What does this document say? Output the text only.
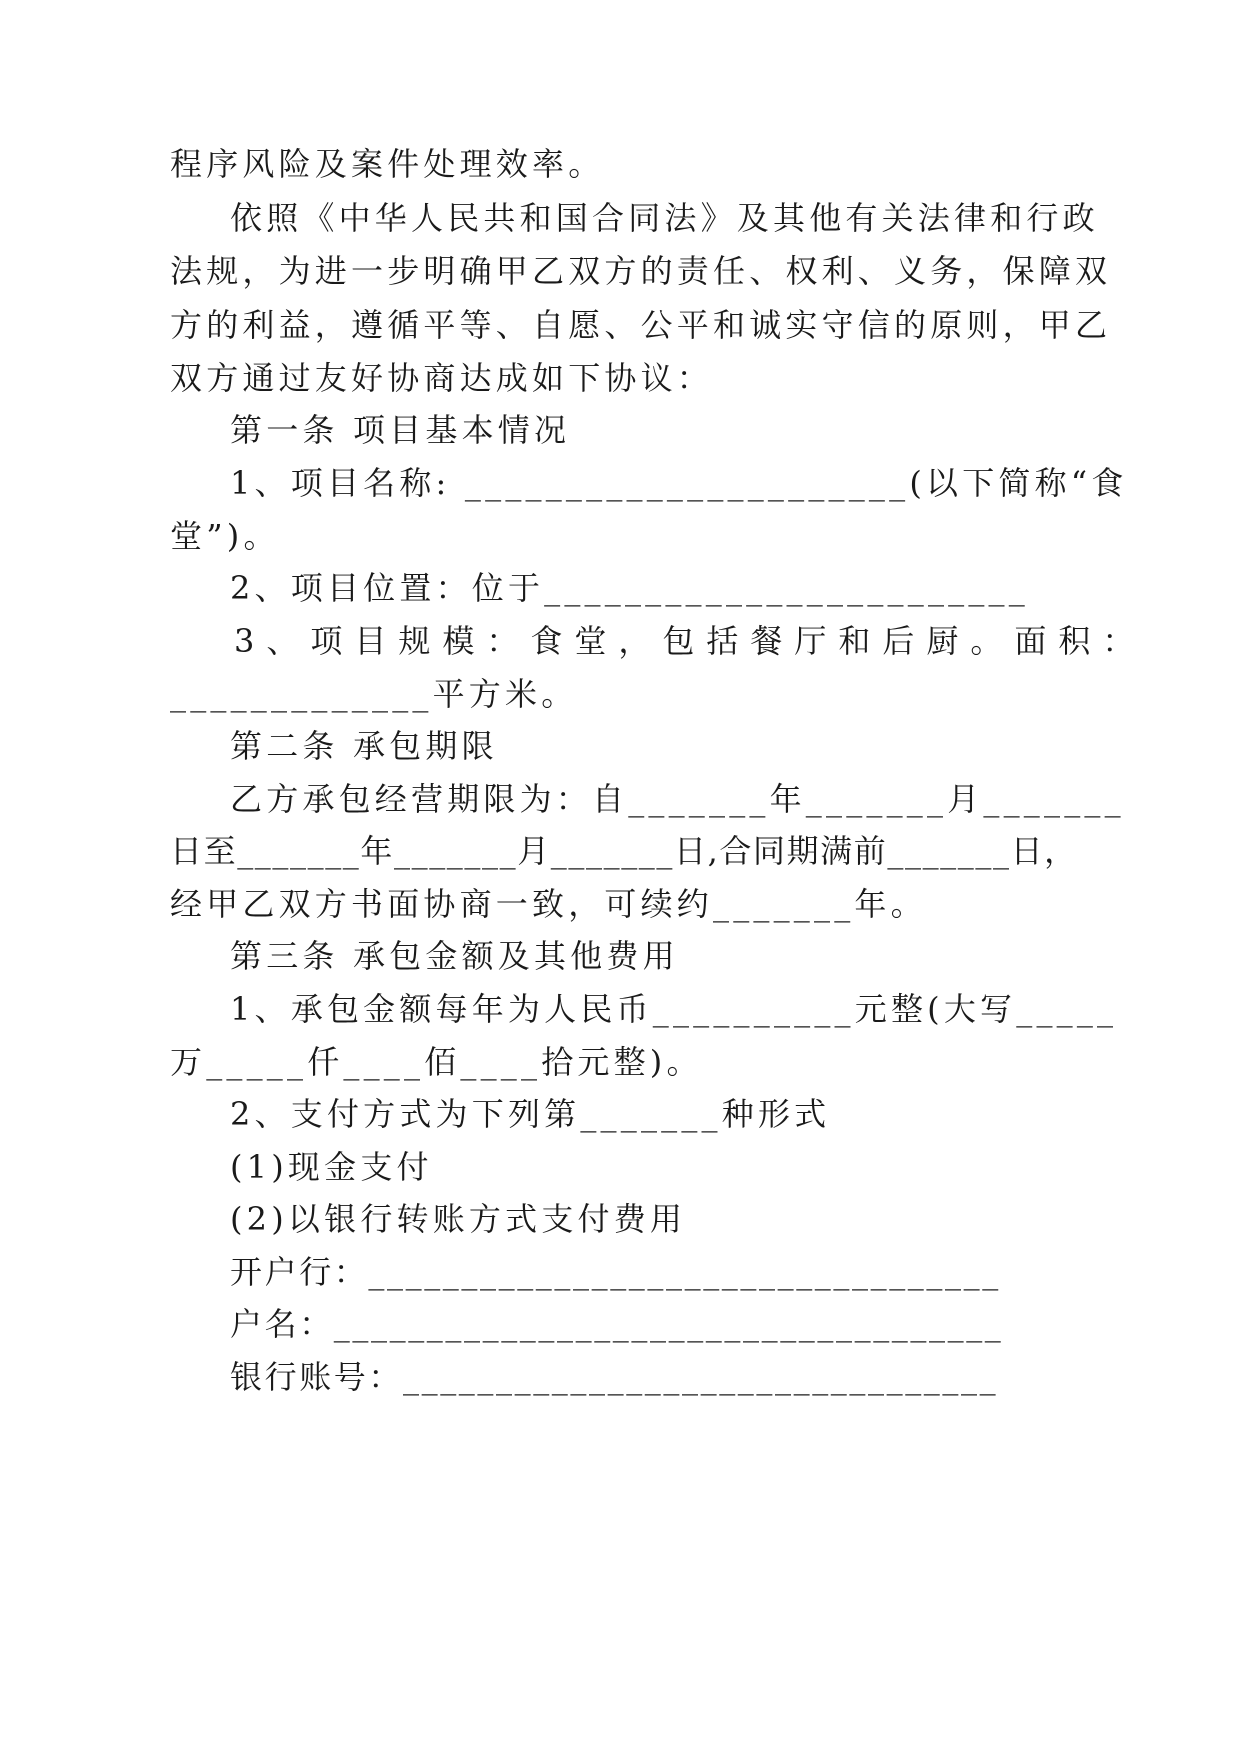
程序风险及案件处理效率。
依照《中华人民共和国合同法》及其他有关法律和行政
法规，为进一步明确甲乙双方的责任、权利、义务，保障双
方的利益，遵循平等、自愿、公平和诚实守信的原则，甲乙
双方通过友好协商达成如下协议：
第一条 项目基本情况
1、项目名称: ______________________(以下简称“食
堂”)。
2、项目位置：位于________________________
3、项目规模：食堂，包括餐厅和后厨。面积：
_____________平方米。
第二条 承包期限
乙方承包经营期限为：自_______年_______月_______
日至_______年_______月_______日,合同期满前_______日，
经甲乙双方书面协商一致，可续约_______年。
第三条 承包金额及其他费用
1、承包金额每年为人民币__________元整(大写_____
万_____仟____佰____拾元整)。
2、支付方式为下列第_______种形式
(1)现金支付
(2)以银行转账方式支付费用
开户行：__________________________________
户名：____________________________________
银行账号：________________________________
